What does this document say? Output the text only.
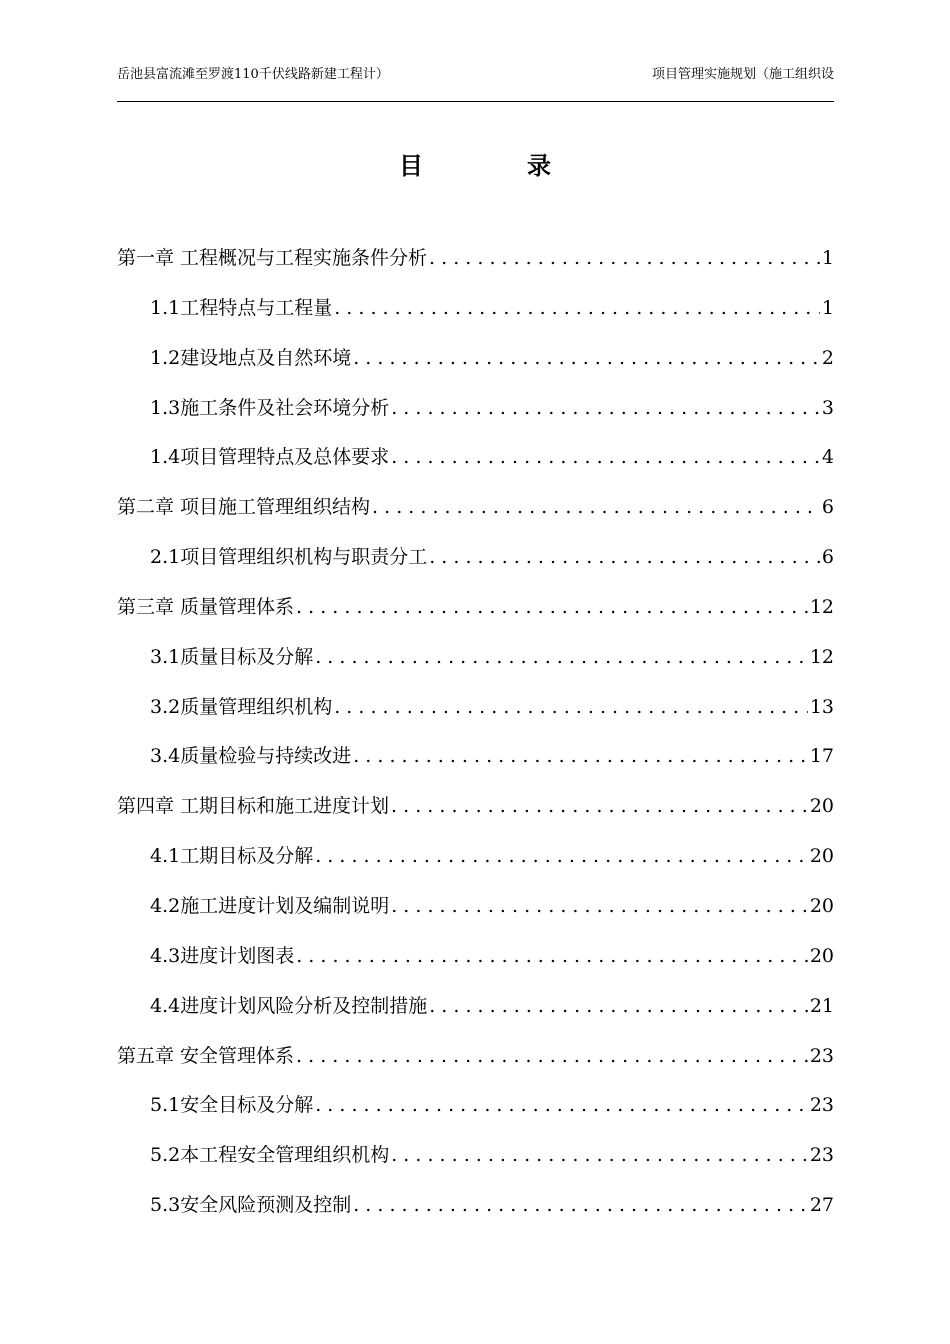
岳池县富流滩至罗渡110千伏线路新建工程计）	项目管理实施规划（施工组织设
目　录
第一章 工程概况与工程实施条件分析 . . .	1
1.1工程特点与工程量 . . .	1
1.2建设地点及自然环境 . . .	2
1.3施工条件及社会环境分析 . . .	3
1.4项目管理特点及总体要求 . . .	4
第二章 项目施工管理组织结构 . . .	6
2.1项目管理组织机构与职责分工 . . .	6
第三章 质量管理体系 . . .	12
3.1质量目标及分解 . . .	12
3.2质量管理组织机构 . . .	13
3.4质量检验与持续改进 . . .	17
第四章 工期目标和施工进度计划 . . .	20
4.1工期目标及分解 . . .	20
4.2施工进度计划及编制说明 . . .	20
4.3进度计划图表 . . .	20
4.4进度计划风险分析及控制措施 . . .	21
第五章 安全管理体系 . . .	23
5.1安全目标及分解 . . .	23
5.2本工程安全管理组织机构 . . .	23
5.3安全风险预测及控制 . . .	27
